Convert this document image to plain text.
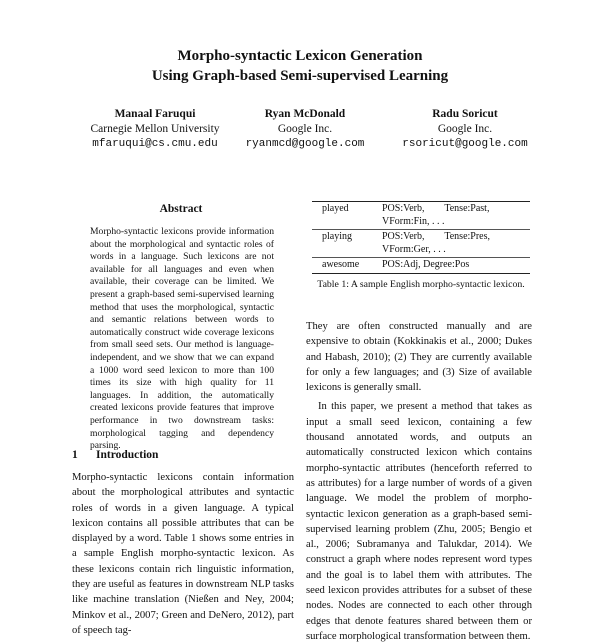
Morpho-syntactic Lexicon Generation
Using Graph-based Semi-supervised Learning
Manaal Faruqui
Carnegie Mellon University
mfaruqui@cs.cmu.edu
Ryan McDonald
Google Inc.
ryanmcd@google.com
Radu Soricut
Google Inc.
rsoricut@google.com
Abstract
Morpho-syntactic lexicons provide information about the morphological and syntactic roles of words in a language. Such lexicons are not available for all languages and even when available, their coverage can be limited. We present a graph-based semi-supervised learning method that uses the morphological, syntactic and semantic relations between words to automatically construct wide coverage lexicons from small seed sets. Our method is language-independent, and we show that we can expand a 1000 word seed lexicon to more than 100 times its size with high quality for 11 languages. In addition, the automatically created lexicons provide features that improve performance in two downstream tasks: morphological tagging and dependency parsing.
1 Introduction
Morpho-syntactic lexicons contain information about the morphological attributes and syntactic roles of words in a given language. A typical lexicon contains all possible attributes that can be displayed by a word. Table 1 shows some entries in a sample English morpho-syntactic lexicon. As these lexicons contain rich linguistic information, they are useful as features in downstream NLP tasks like machine translation (Nießen and Ney, 2004; Minkov et al., 2007; Green and DeNero, 2012), part of speech tag-
played	POS:Verb,        Tense:Past,
VForm:Fin, . . .

playing	POS:Verb,        Tense:Pres,
VForm:Ger, . . .

awesome	POS:Adj, Degree:Pos
Table 1: A sample English morpho-syntactic lexicon.

They are often constructed manually and are expensive to obtain (Kokkinakis et al., 2000; Dukes and Habash, 2010); (2) They are currently available for only a few languages; and (3) Size of available lexicons is generally small.

In this paper, we present a method that takes as input a small seed lexicon, containing a few thousand annotated words, and outputs an automatically constructed lexicon which contains morpho-syntactic attributes (henceforth referred to as attributes) for a large number of words of a given language. We model the problem of morpho-syntactic lexicon generation as a graph-based semi-supervised learning problem (Zhu, 2005; Bengio et al., 2006; Subramanya and Talukdar, 2014). We construct a graph where nodes represent word types and the goal is to label them with attributes. The seed lexicon provides attributes for a subset of these nodes. Nodes are connected to each other through edges that denote features shared between them or surface morphological transformation between them.
